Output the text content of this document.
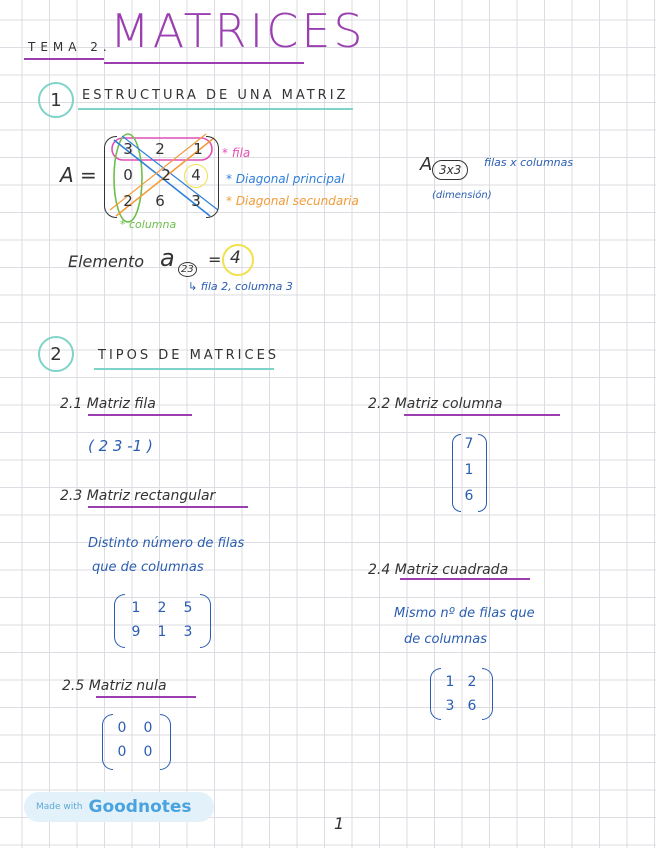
TEMA 2.
MATRICES
1 ESTRUCTURA DE UNA MATRIZ
A =
3	2	1
0	2	4
2	6	3
* fila
* Diagonal principal
* Diagonal secundaria
* columna
A 3x3
filas x columnas
(dimensión)
Elemento a 23
= 4
↳ fila 2, columna 3
2	TIPOS DE MATRICES
2.1 Matriz fila
( 2 3 -1 )
2.2 Matriz columna
7
1
6
2.3 Matriz rectangular
Distinto número de filas
que de columnas
1	2	5
9	1	3
2.4 Matriz cuadrada
Mismo nº de filas que
de columnas
1 2
3 6
2.5 Matriz nula
0	0
0	0
Made with Goodnotes
1
